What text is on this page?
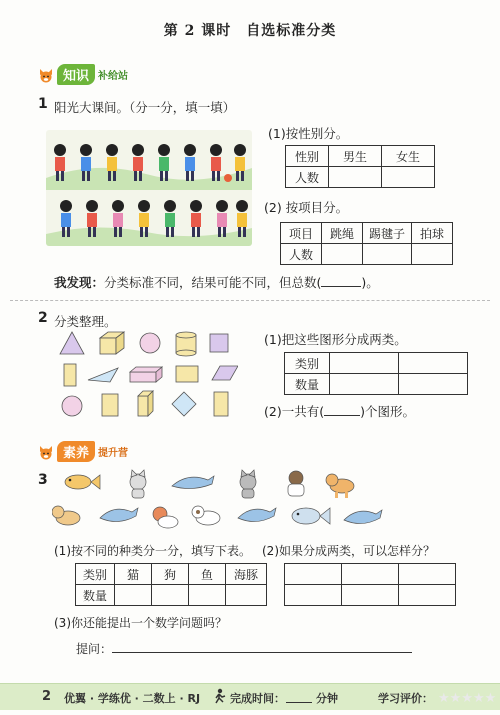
第 2 课时　自选标准分类
知识 补给站
1 阳光大课间。（分一分，填一填）
(1)按性别分。
性别	男生	女生
人数		
(2) 按项目分。
项目	跳绳	踢毽子	拍球
人数			
我发现：分类标准不同，结果可能不同，但总数(	)。
2 分类整理。
(1)把这些图形分成两类。
类别		
数量		
(2)一共有(	)个图形。
素养 提升营
3
(1)按不同的种类分一分，填写下表。 (2)如果分成两类，可以怎样分？
类别	猫	狗	鱼	海豚
数量				

(3)你还能提出一个数学问题吗？
提问：
2 优翼 · 学练优 · 二数上 · RJ	完成时间：	分钟	学习评价： ★★★★★
